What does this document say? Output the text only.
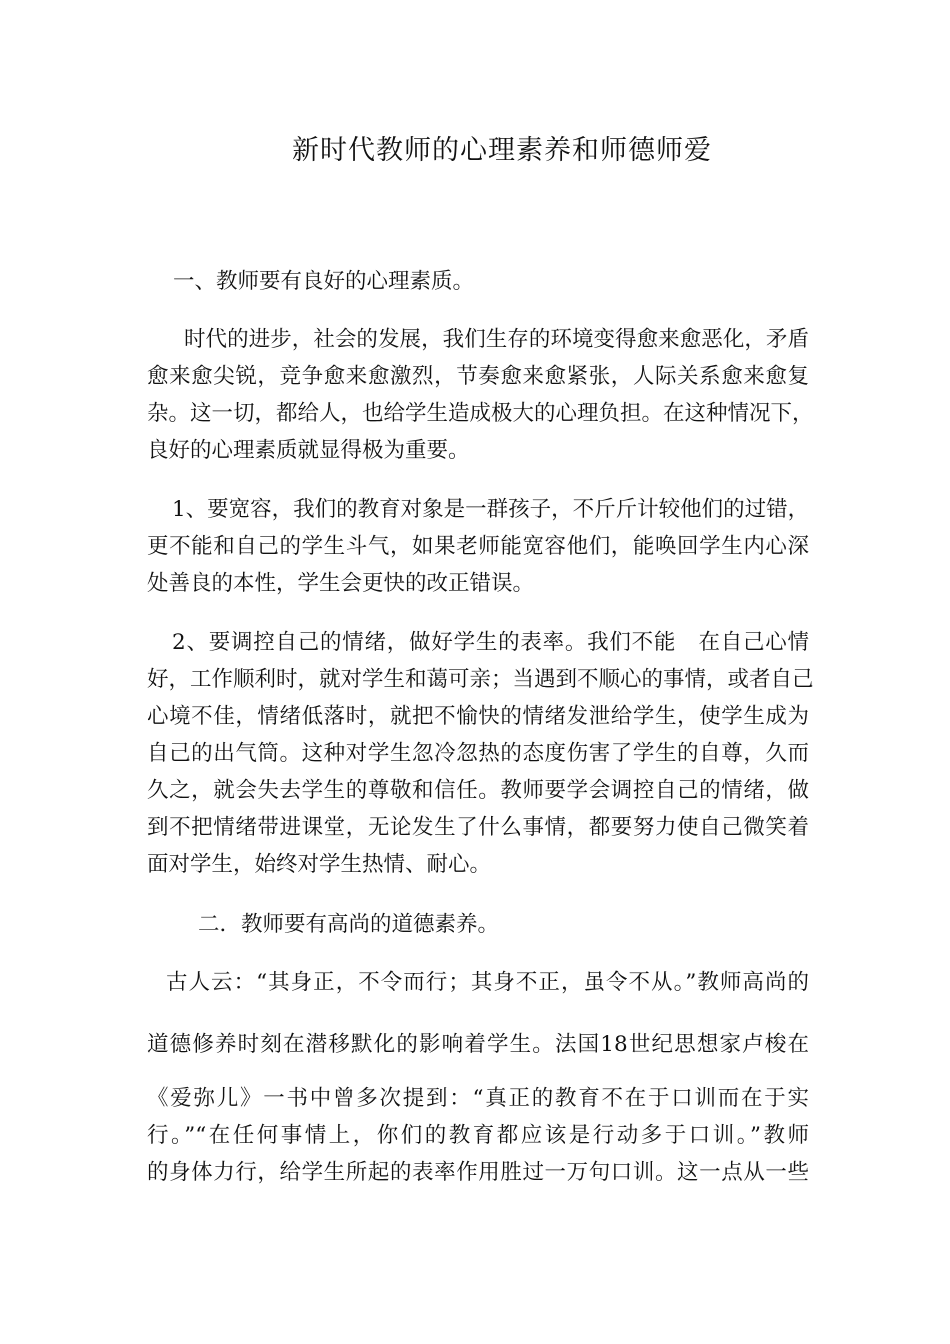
新时代教师的心理素养和师德师爱
一、教师要有良好的心理素质。
时代的进步，社会的发展，我们生存的环境变得愈来愈恶化，矛盾
愈来愈尖锐，竞争愈来愈激烈，节奏愈来愈紧张，人际关系愈来愈复
杂。这一切，都给人，也给学生造成极大的心理负担。在这种情况下，
良好的心理素质就显得极为重要。
1、要宽容，我们的教育对象是一群孩子，不斤斤计较他们的过错，
更不能和自己的学生斗气，如果老师能宽容他们，能唤回学生内心深
处善良的本性，学生会更快的改正错误。
2、要调控自己的情绪，做好学生的表率。我们不能　在自己心情
好，工作顺利时，就对学生和蔼可亲；当遇到不顺心的事情，或者自己
心境不佳，情绪低落时，就把不愉快的情绪发泄给学生，使学生成为
自己的出气筒。这种对学生忽冷忽热的态度伤害了学生的自尊，久而
久之，就会失去学生的尊敬和信任。教师要学会调控自己的情绪，做
到不把情绪带进课堂，无论发生了什么事情，都要努力使自己微笑着
面对学生，始终对学生热情、耐心。
二．教师要有高尚的道德素养。
古人云：“其身正，不令而行；其身不正，虽令不从。”教师高尚的
道德修养时刻在潜移默化的影响着学生。法国18世纪思想家卢梭在
《爱弥儿》一书中曾多次提到：“真正的教育不在于口训而在于实
行。”“在任何事情上，你们的教育都应该是行动多于口训。”教师
的身体力行，给学生所起的表率作用胜过一万句口训。这一点从一些
